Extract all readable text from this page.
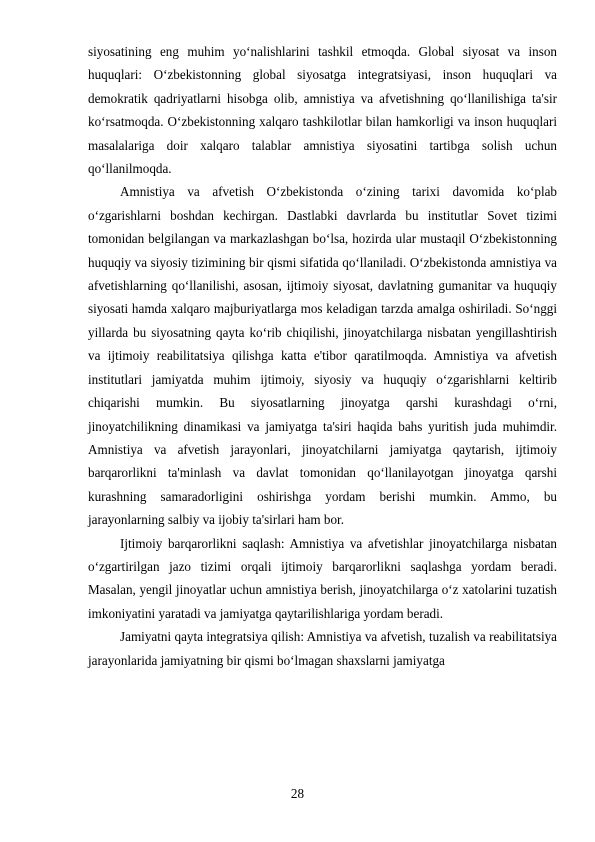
siyosatining eng muhim yo‘nalishlarini tashkil etmoqda. Global siyosat va inson huquqlari: O‘zbekistonning global siyosatga integratsiyasi, inson huquqlari va demokratik qadriyatlarni hisobga olib, amnistiya va afvetishning qo‘llanilishiga ta'sir ko‘rsatmoqda. O‘zbekistonning xalqaro tashkilotlar bilan hamkorligi va inson huquqlari masalalariga doir xalqaro talablar amnistiya siyosatini tartibga solish uchun qo‘llanilmoqda.

Amnistiya va afvetish O‘zbekistonda o‘zining tarixi davomida ko‘plab o‘zgarishlarni boshdan kechirgan. Dastlabki davrlarda bu institutlar Sovet tizimi tomonidan belgilangan va markazlashgan bo‘lsa, hozirda ular mustaqil O‘zbekistonning huquqiy va siyosiy tizimining bir qismi sifatida qo‘llaniladi. O‘zbekistonda amnistiya va afvetishlarning qo‘llanilishi, asosan, ijtimoiy siyosat, davlatning gumanitar va huquqiy siyosati hamda xalqaro majburiyatlarga mos keladigan tarzda amalga oshiriladi. So‘nggi yillarda bu siyosatning qayta ko‘rib chiqilishi, jinoyatchilarga nisbatan yengillashtirish va ijtimoiy reabilitatsiya qilishga katta e'tibor qaratilmoqda. Amnistiya va afvetish institutlari jamiyatda muhim ijtimoiy, siyosiy va huquqiy o‘zgarishlarni keltirib chiqarishi mumkin. Bu siyosatlarning jinoyatga qarshi kurashdagi o‘rni, jinoyatchilikning dinamikasi va jamiyatga ta'siri haqida bahs yuritish juda muhimdir. Amnistiya va afvetish jarayonlari, jinoyatchilarni jamiyatga qaytarish, ijtimoiy barqarorlikni ta'minlash va davlat tomonidan qo‘llanilayotgan jinoyatga qarshi kurashning samaradorligini oshirishga yordam berishi mumkin. Ammo, bu jarayonlarning salbiy va ijobiy ta'sirlari ham bor.

Ijtimoiy barqarorlikni saqlash: Amnistiya va afvetishlar jinoyatchilarga nisbatan o‘zgartirilgan jazo tizimi orqali ijtimoiy barqarorlikni saqlashga yordam beradi. Masalan, yengil jinoyatlar uchun amnistiya berish, jinoyatchilarga o‘z xatolarini tuzatish imkoniyatini yaratadi va jamiyatga qaytarilishlariga yordam beradi.

Jamiyatni qayta integratsiya qilish: Amnistiya va afvetish, tuzalish va reabilitatsiya jarayonlarida jamiyatning bir qismi bo‘lmagan shaxslarni jamiyatga

28
